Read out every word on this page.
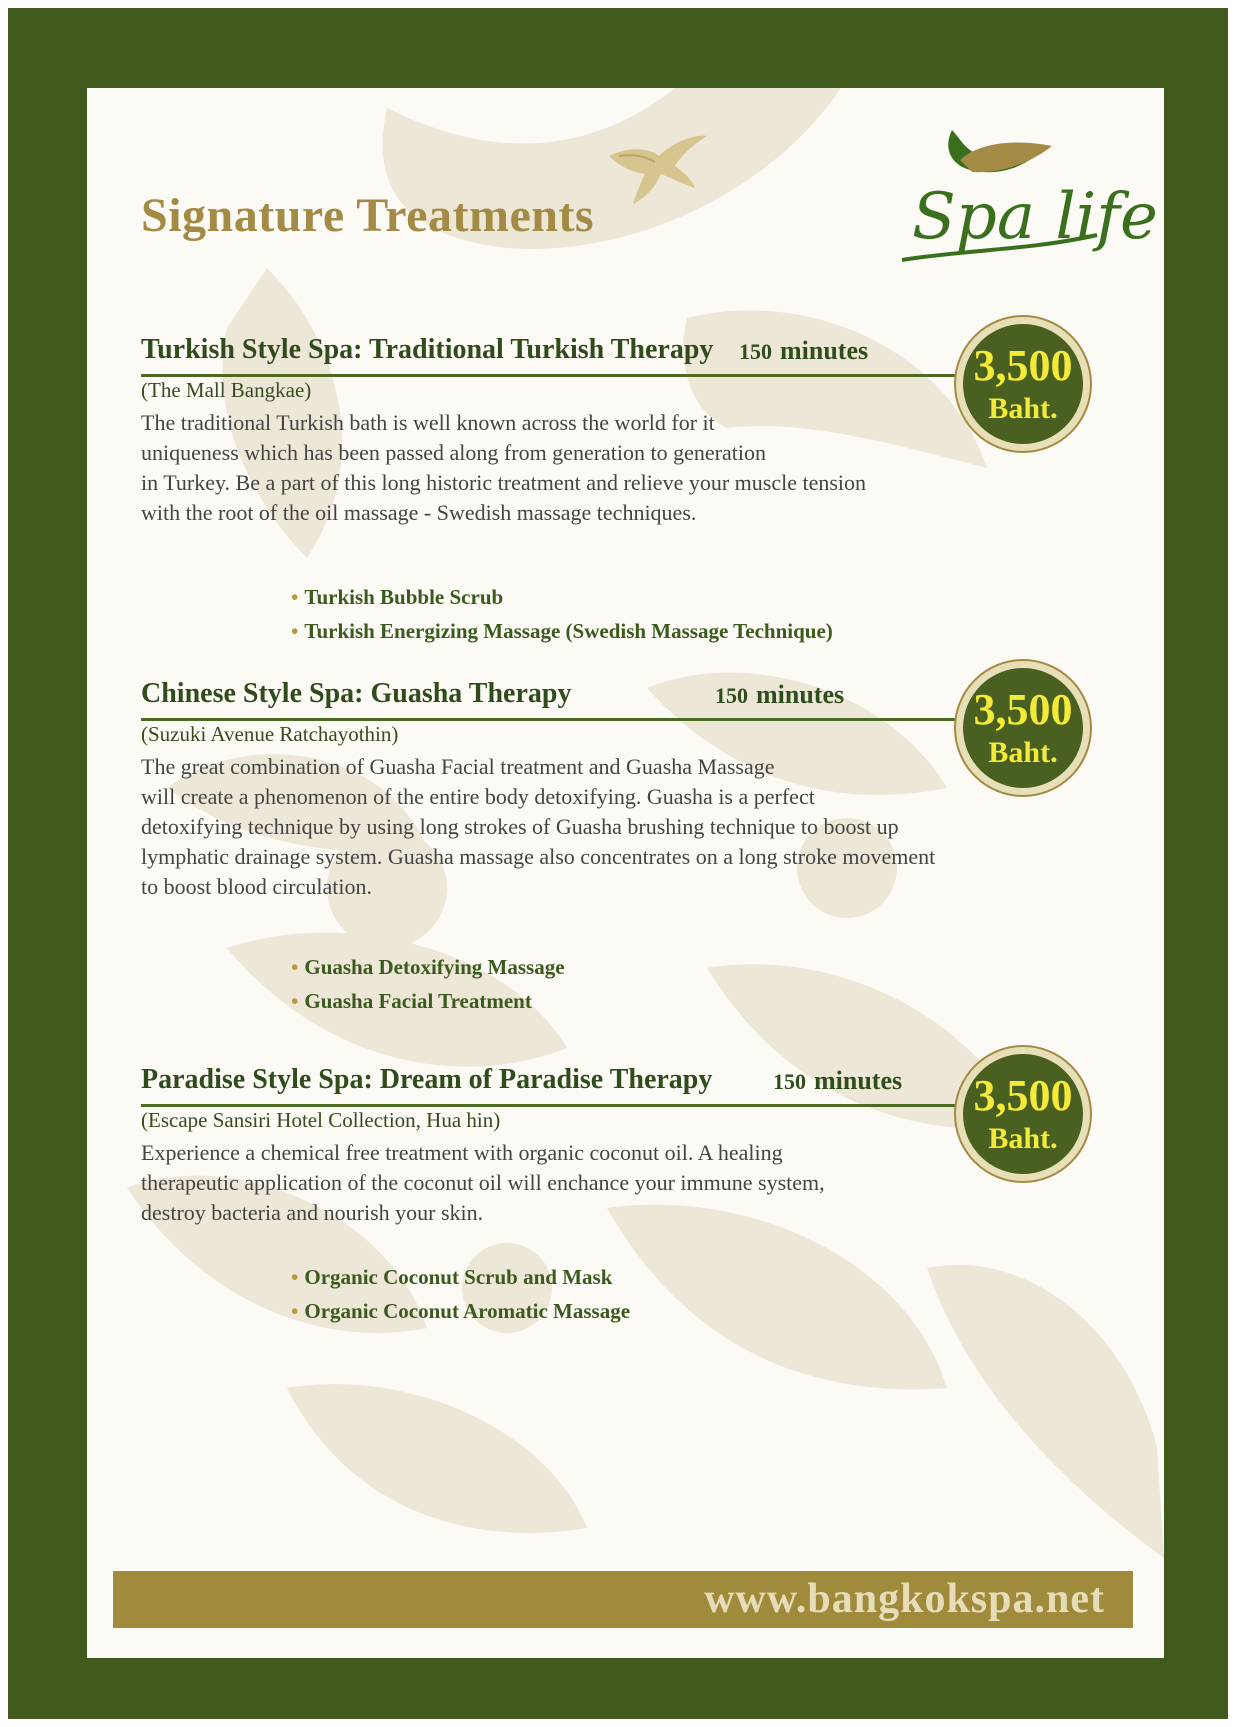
Signature Treatments	Spa life
Turkish Style Spa: Traditional Turkish Therapy 150 minutes
(The Mall Bangkae)

The traditional Turkish bath is well known across the world for it
uniqueness which has been passed along from generation to generation
in Turkey. Be a part of this long historic treatment and relieve your muscle tension
with the root of the oil massage - Swedish massage techniques.

• Turkish Bubble Scrub
• Turkish Energizing Massage (Swedish Massage Technique)
3,500
Baht.
Chinese Style Spa: Guasha Therapy	150 minutes
(Suzuki Avenue Ratchayothin)

The great combination of Guasha Facial treatment and Guasha Massage
will create a phenomenon of the entire body detoxifying. Guasha is a perfect
detoxifying technique by using long strokes of Guasha brushing technique to boost up
lymphatic drainage system. Guasha massage also concentrates on a long stroke movement
to boost blood circulation.

• Guasha Detoxifying Massage
• Guasha Facial Treatment
3,500
Baht.
Paradise Style Spa: Dream of Paradise Therapy	150 minutes
(Escape Sansiri Hotel Collection, Hua hin)

Experience a chemical free treatment with organic coconut oil. A healing
therapeutic application of the coconut oil will enchance your immune system,
destroy bacteria and nourish your skin.

• Organic Coconut Scrub and Mask
• Organic Coconut Aromatic Massage
3,500
Baht.
www.bangkokspa.net
